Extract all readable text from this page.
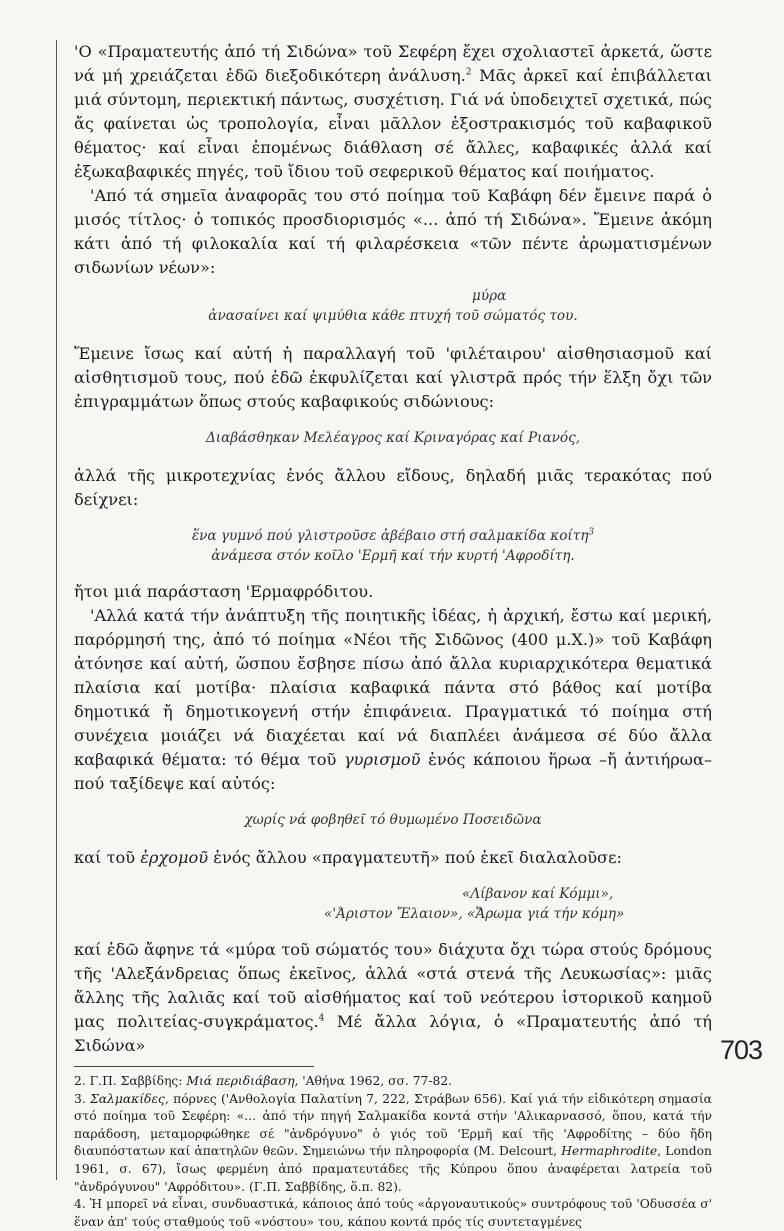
'Ο «Πραματευτής ἀπό τή Σιδώνα» τοῦ Σεφέρη ἔχει σχολιαστεῖ ἀρκετά, ὥστε νά μή χρειάζεται ἐδῶ διεξοδικότερη ἀνάλυση.$^2$ Μᾶς ἀρκεῖ καί ἐπιβάλλεται μιά σύντομη, περιεκτική πάντως, συσχέτιση. Γιά νά ὑποδειχτεῖ σχετικά, πώς ἄς φαίνεται ὡς τροπολογία, εἶναι μᾶλλον ἐξοστρακισμός τοῦ καβαφικοῦ θέματος· καί εἶναι ἐπομένως διάθλαση σέ ἄλλες, καβαφικές ἀλλά καί ἐξωκαβαφικές πηγές, τοῦ ἴδιου τοῦ σεφερικοῦ θέματος καί ποιήματος.

'Από τά σημεῖα ἀναφορᾶς του στό ποίημα τοῦ Καβάφη δέν ἔμεινε παρά ὁ μισός τίτλος· ὁ τοπικός προσδιορισμός «... ἀπό τή Σιδώνα». Ἔμεινε ἀκόμη κάτι ἀπό τή φιλοκαλία καί τή φιλαρέσκεια «τῶν πέντε ἀρωματισμένων σιδωνίων νέων»:

μύρα

ἀνασαίνει καί ψιμύθια κάθε πτυχή τοῦ σώματός του.

Ἔμεινε ἴσως καί αὐτή ἡ παραλλαγή τοῦ 'φιλέταιρου' αἰσθησιασμοῦ καί αἰσθητισμοῦ τους, πού ἐδῶ ἐκφυλίζεται καί γλιστρᾶ πρός τήν ἕλξη ὄχι τῶν ἐπιγραμμάτων ὅπως στούς καβαφικούς σιδώνιους:

Διαβάσθηκαν Μελέαγρος καί Κριναγόρας καί Ριανός,

ἀλλά τῆς μικροτεχνίας ἑνός ἄλλου εἴδους, δηλαδή μιᾶς τερακότας πού δείχνει:

ἕνα γυμνό πού γλιστροῦσε ἀβέβαιο στή σαλμακίδα κοίτη$^3$

ἀνάμεσα στόν κοῖλο 'Ερμῆ καί τήν κυρτή 'Αφροδίτη.

ἤτοι μιά παράσταση 'Ερμαφρόδιτου.

'Αλλά κατά τήν ἀνάπτυξη τῆς ποιητικῆς ἰδέας, ἡ ἀρχική, ἔστω καί μερική, παρόρμησή της, ἀπό τό ποίημα «Νέοι τῆς Σιδῶνος (400 μ.Χ.)» τοῦ Καβάφη ἀτόνησε καί αὐτή, ὥσπου ἔσβησε πίσω ἀπό ἄλλα κυριαρχικότερα θεματικά πλαίσια καί μοτίβα· πλαίσια καβαφικά πάντα στό βάθος καί μοτίβα δημοτικά ἤ δημοτικογενή στήν ἐπιφάνεια. Πραγματικά τό ποίημα στή συνέχεια μοιάζει νά διαχέεται καί νά διαπλέει ἀνάμεσα σέ δύο ἄλλα καβαφικά θέματα: τό θέμα τοῦ γυρισμοῦ ἑνός κάποιου ἥρωα –ἤ ἀντιήρωα– πού ταξίδεψε καί αὐτός:

χωρίς νά φοβηθεῖ τό θυμωμένο Ποσειδῶνα

καί τοῦ ἐρχομοῦ ἑνός ἄλλου «πραγματευτῆ» πού ἐκεῖ διαλαλοῦσε:

«Λίβανον καί Κόμμι»,

«'Άριστον Ἔλαιον», «Ἄρωμα γιά τήν κόμη»

καί ἐδῶ ἄφηνε τά «μύρα τοῦ σώματός του» διάχυτα ὄχι τώρα στούς δρόμους τῆς 'Αλεξάνδρειας ὅπως ἐκεῖνος, ἀλλά «στά στενά τῆς Λευκωσίας»: μιᾶς ἄλλης τῆς λαλιᾶς καί τοῦ αἰσθήματος καί τοῦ νεότερου ἱστορικοῦ καημοῦ μας πολιτείας-συγκράματος.$^4$ Μέ ἄλλα λόγια, ὁ «Πραματευτής ἀπό τή Σιδώνα»

2. Γ.Π. Σαββίδης: Μιά περιδιάβαση, 'Αθήνα 1962, σσ. 77-82.

3. Σαλμακίδες, πόρνες ('Ανθολογία Παλατίνη 7, 222, Στράβων 656). Καί γιά τήν εἰδικότερη σημασία στό ποίημα τοῦ Σεφέρη: «... ἀπό τήν πηγή Σαλμακίδα κοντά στήν 'Αλικαρνασσό, ὅπου, κατά τήν παράδοση, μεταμορφώθηκε σέ "ἀνδρόγυνο" ὁ γιός τοῦ 'Ερμῆ καί τῆς 'Αφροδίτης – δύο ἤδη διαυπόστατων καί ἀπατηλῶν θεῶν. Σημειώνω τήν πληροφορία (M. Delcourt, Hermaphrodite, London 1961, σ. 67), ἴσως φερμένη ἀπό πραματευτάδες τῆς Κύπρου ὅπου ἀναφέρεται λατρεία τοῦ "ἀνδρόγυνου" 'Αφρόδιτου». (Γ.Π. Σαββίδης, ὅ.π. 82).

4. Ἡ μπορεῖ νά εἶναι, συνδυαστικά, κάποιος ἀπό τούς «ἀργοναυτικούς» συντρόφους τοῦ 'Οδυσσέα σ' ἕναν ἀπ' τούς σταθμούς τοῦ «νόστου» του, κάπου κοντά πρός τίς συντεταγμένες

703
